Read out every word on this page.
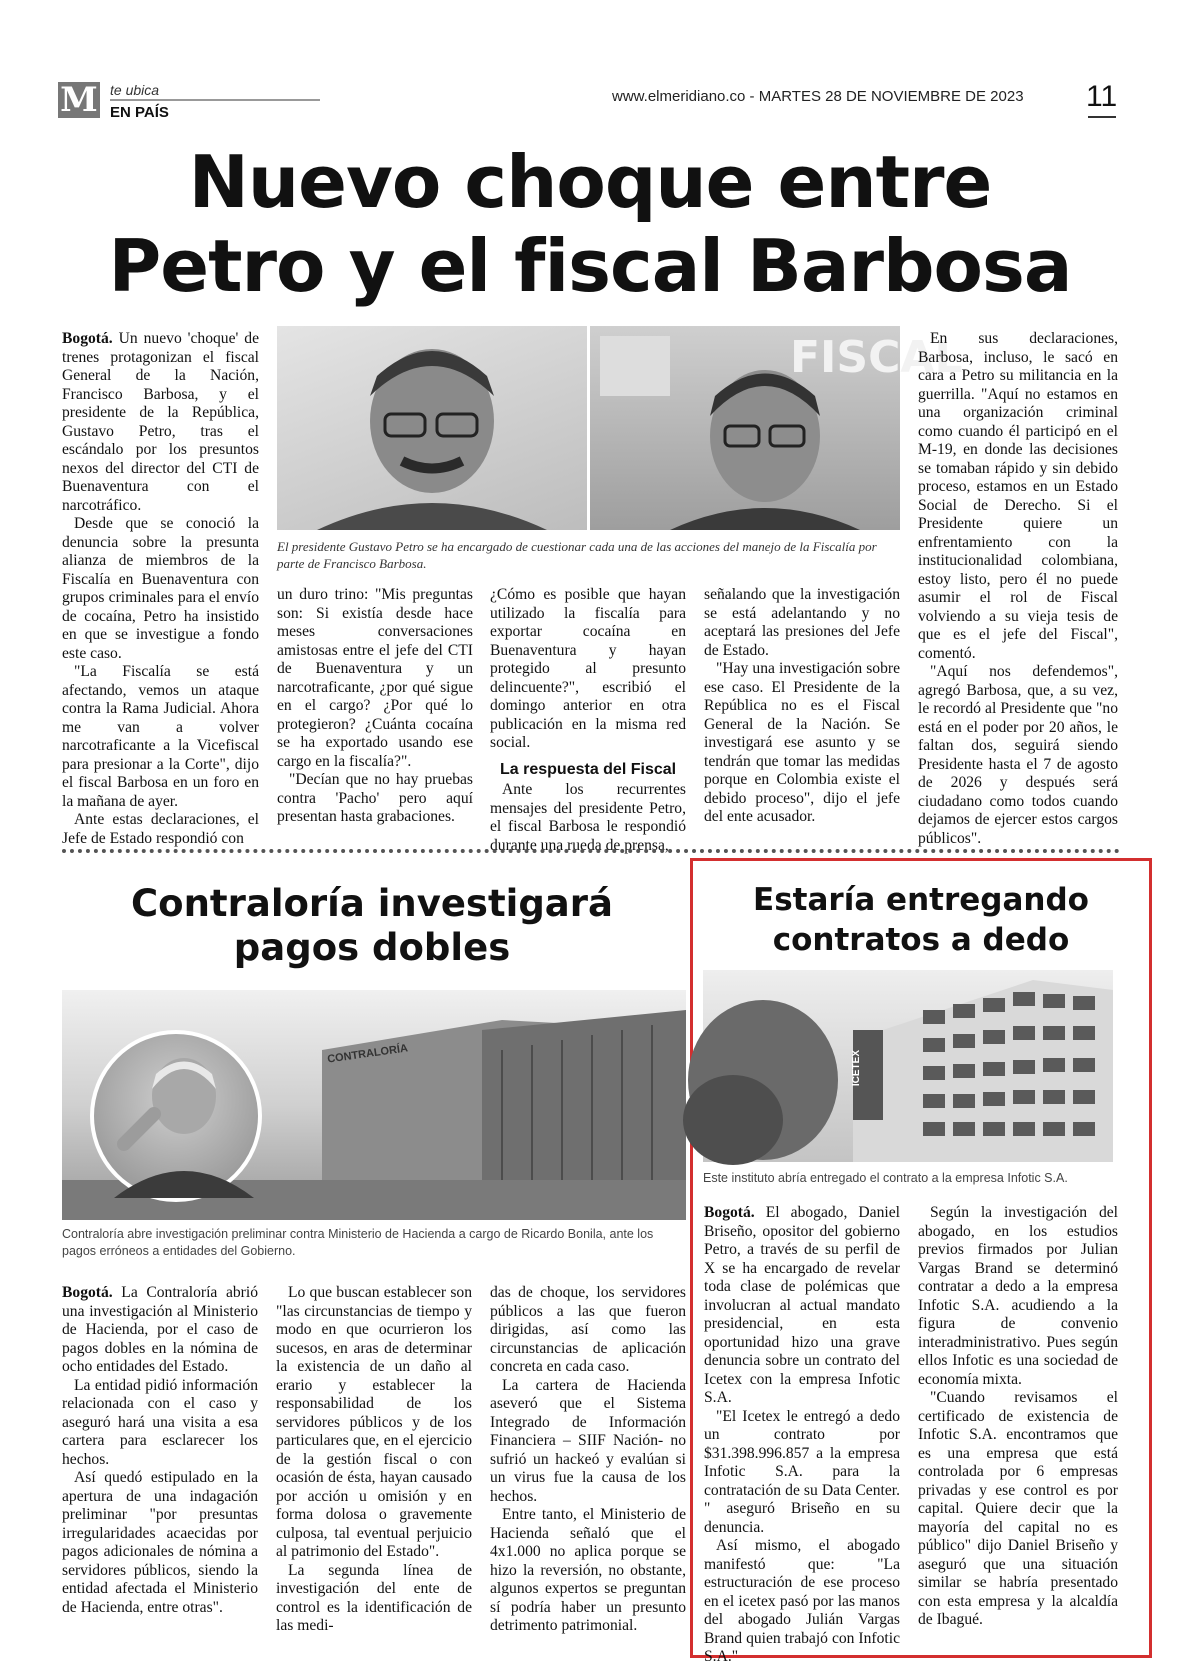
M te ubica
EN PAÍS
www.elmeridiano.co - MARTES 28 DE NOVIEMBRE DE 2023 11
Nuevo choque entre
Petro y el fiscal Barbosa

Bogotá. Un nuevo 'choque' de trenes protagonizan el fiscal General de la Nación, Francisco Barbosa, y el presidente de la República, Gustavo Petro, tras el escándalo por los presuntos nexos del director del CTI de Buenaventura con el narcotráfico.

Desde que se conoció la denuncia sobre la presunta alianza de miembros de la Fiscalía en Buenaventura con grupos criminales para el envío de cocaína, Petro ha insistido en que se investigue a fondo este caso.

"La Fiscalía se está afectando, vemos un ataque contra la Rama Judicial. Ahora me van a volver narcotraficante a la Vicefiscal para presionar a la Corte", dijo el fiscal Barbosa en un foro en la mañana de ayer.

Ante estas declaraciones, el Jefe de Estado respondió con

FISCAL
El presidente Gustavo Petro se ha encargado de cuestionar cada una de las acciones del manejo de la Fiscalía por parte de Francisco Barbosa.

un duro trino: "Mis preguntas son: Si existía desde hace meses conversaciones amistosas entre el jefe del CTI de Buenaventura y un narcotraficante, ¿por qué sigue en el cargo? ¿Por qué lo protegieron? ¿Cuánta cocaína se ha exportado usando ese cargo en la fiscalía?".

"Decían que no hay pruebas contra 'Pacho' pero aquí presentan hasta grabaciones.

¿Cómo es posible que hayan utilizado la fiscalía para exportar cocaína en Buenaventura y hayan protegido al presunto delincuente?", escribió el domingo anterior en otra publicación en la misma red social.

La respuesta del Fiscal

Ante los recurrentes mensajes del presidente Petro, el fiscal Barbosa le respondió durante una rueda de prensa,

señalando que la investigación se está adelantando y no aceptará las presiones del Jefe de Estado.

"Hay una investigación sobre ese caso. El Presidente de la República no es el Fiscal General de la Nación. Se investigará ese asunto y se tendrán que tomar las medidas porque en Colombia existe el debido proceso", dijo el jefe del ente acusador.

En sus declaraciones, Barbosa, incluso, le sacó en cara a Petro su militancia en la guerrilla. "Aquí no estamos en una organización criminal como cuando él participó en el M-19, en donde las decisiones se tomaban rápido y sin debido proceso, estamos en un Estado Social de Derecho. Si el Presidente quiere un enfrentamiento con la institucionalidad colombiana, estoy listo, pero él no puede asumir el rol de Fiscal volviendo a su vieja tesis de que es el jefe del Fiscal", comentó.

"Aquí nos defendemos", agregó Barbosa, que, a su vez, le recordó al Presidente que "no está en el poder por 20 años, le faltan dos, seguirá siendo Presidente hasta el 7 de agosto de 2026 y después será ciudadano como todos cuando dejamos de ejercer estos cargos públicos".

Contraloría investigará
pagos dobles
CONTRALORÍA
Contraloría abre investigación preliminar contra Ministerio de Hacienda a cargo de Ricardo Bonila, ante los pagos erróneos a entidades del Gobierno.

Bogotá. La Contraloría abrió una investigación al Ministerio de Hacienda, por el caso de pagos dobles en la nómina de ocho entidades del Estado.

La entidad pidió información relacionada con el caso y aseguró hará una visita a esa cartera para esclarecer los hechos.

Así quedó estipulado en la apertura de una indagación preliminar "por presuntas irregularidades acaecidas por pagos adicionales de nómina a servidores públicos, siendo la entidad afectada el Ministerio de Hacienda, entre otras".

Lo que buscan establecer son "las circunstancias de tiempo y modo en que ocurrieron los sucesos, en aras de determinar la existencia de un daño al erario y establecer la responsabilidad de los servidores públicos y de los particulares que, en el ejercicio de la gestión fiscal o con ocasión de ésta, hayan causado por acción u omisión y en forma dolosa o gravemente culposa, tal eventual perjuicio al patrimonio del Estado".

La segunda línea de investigación del ente de control es la identificación de las medi-

das de choque, los servidores públicos a las que fueron dirigidas, así como las circunstancias de aplicación concreta en cada caso.

La cartera de Hacienda aseveró que el Sistema Integrado de Información Financiera – SIIF Nación- no sufrió un hackeó y evalúan si un virus fue la causa de los hechos.

Entre tanto, el Ministerio de Hacienda señaló que el 4x1.000 no aplica porque se hizo la reversión, no obstante, algunos expertos se preguntan sí podría haber un presunto detrimento patrimonial.

Estaría entregando
contratos a dedo
ICETEX
Este instituto abría entregado el contrato a la empresa Infotic S.A.

Bogotá. El abogado, Daniel Briseño, opositor del gobierno Petro, a través de su perfil de X se ha encargado de revelar toda clase de polémicas que involucran al actual mandato presidencial, en esta oportunidad hizo una grave denuncia sobre un contrato del Icetex con la empresa Infotic S.A.

"El Icetex le entregó a dedo un contrato por $31.398.996.857 a la empresa Infotic S.A. para la contratación de su Data Center. " aseguró Briseño en su denuncia.

Así mismo, el abogado manifestó que: "La estructuración de ese proceso en el icetex pasó por las manos del abogado Julián Vargas Brand quien trabajó con Infotic S.A."

Según la investigación del abogado, en los estudios previos firmados por Julian Vargas Brand se determinó contratar a dedo a la empresa Infotic S.A. acudiendo a la figura de convenio interadministrativo. Pues según ellos Infotic es una sociedad de economía mixta.

"Cuando revisamos el certificado de existencia de Infotic S.A. encontramos que es una empresa que está controlada por 6 empresas privadas y ese control es por capital. Quiere decir que la mayoría del capital no es público" dijo Daniel Briseño y aseguró que una situación similar se habría presentado con esta empresa y la alcaldía de Ibagué.
